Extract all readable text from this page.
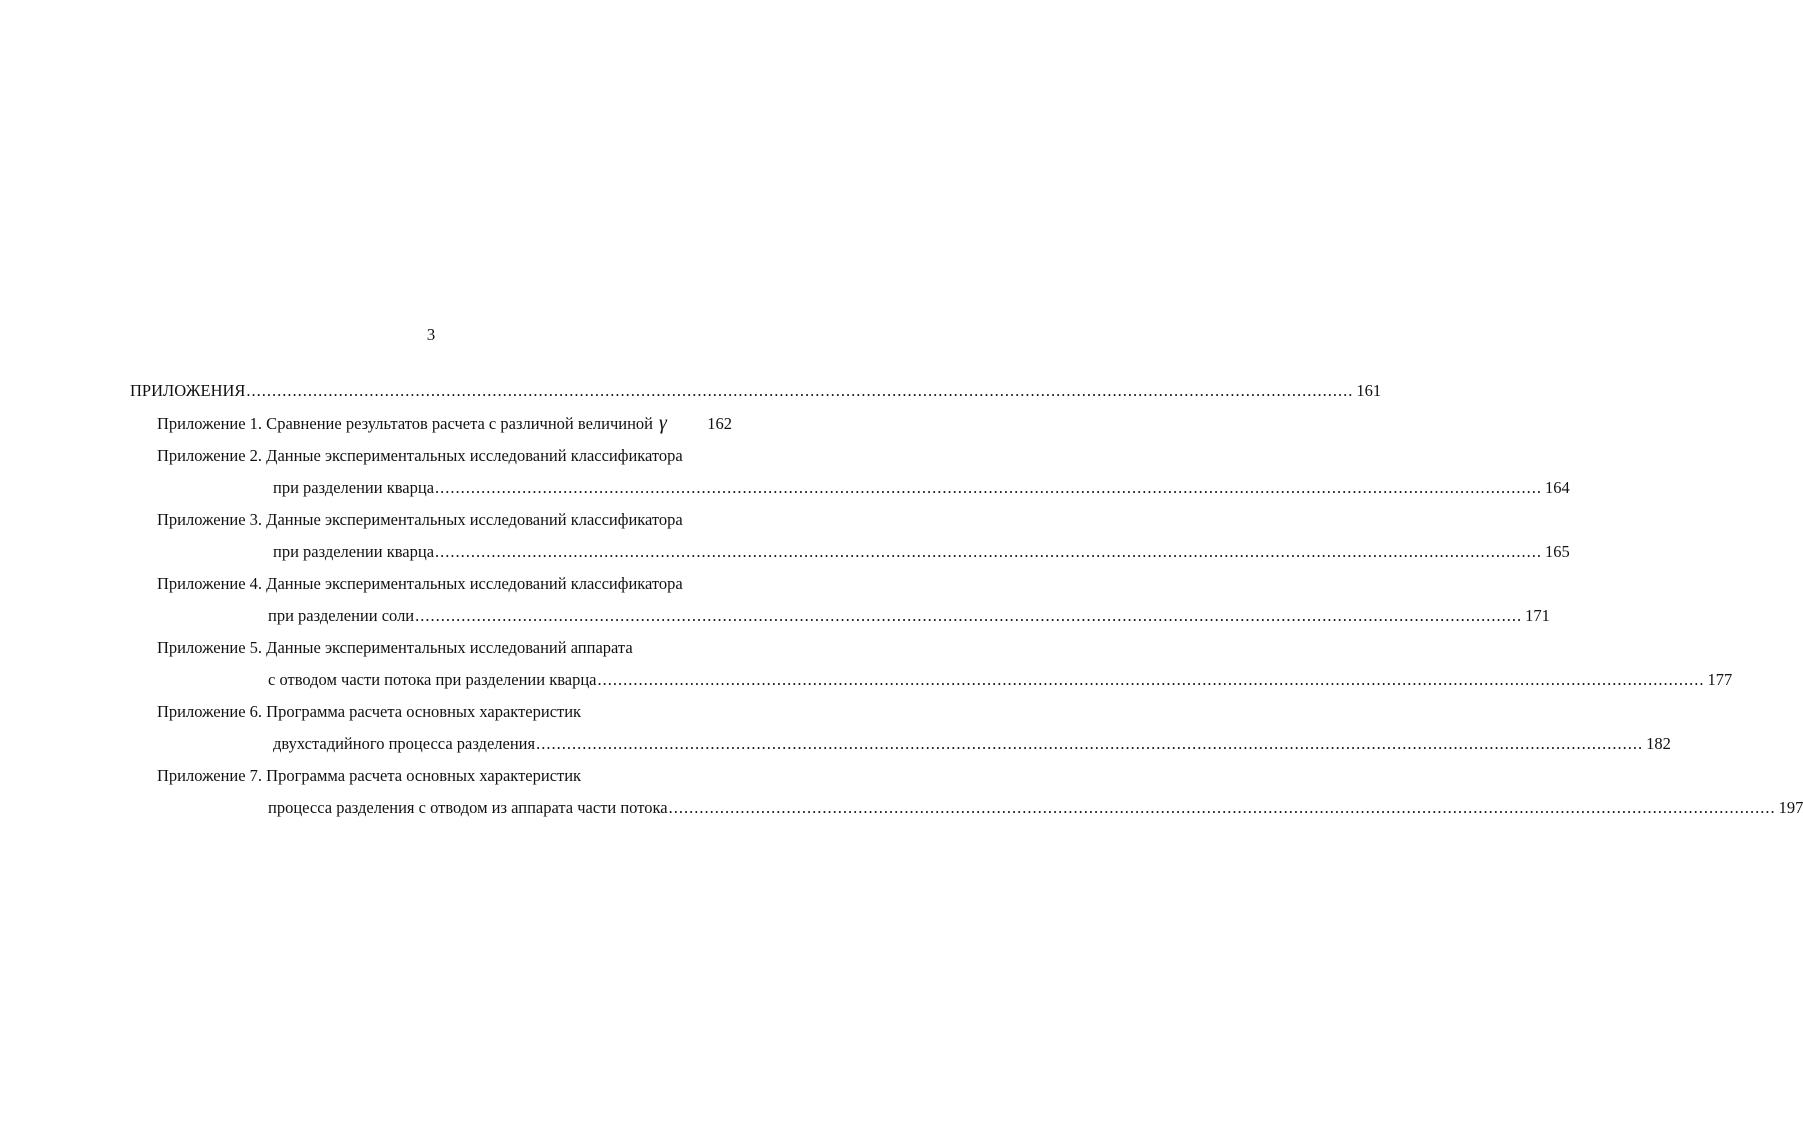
3
ПРИЛОЖЕНИЯ ........................................................................................................................................................................................................................ 161
Приложение 1. Сравнение результатов расчета с различной величиной γ 162
Приложение 2. Данные экспериментальных исследований классификатора
при разделении кварца ........................................................................................................................................................................................................................ 164
Приложение 3. Данные экспериментальных исследований классификатора
при разделении кварца ........................................................................................................................................................................................................................ 165
Приложение 4. Данные экспериментальных исследований классификатора
при разделении соли ........................................................................................................................................................................................................................ 171
Приложение 5. Данные экспериментальных исследований аппарата
с отводом части потока при разделении кварца ........................................................................................................................................................................................................................ 177
Приложение 6. Программа расчета основных характеристик
двухстадийного процесса разделения ........................................................................................................................................................................................................................ 182
Приложение 7. Программа расчета основных характеристик
процесса разделения с отводом из аппарата части потока ........................................................................................................................................................................................................................ 197
